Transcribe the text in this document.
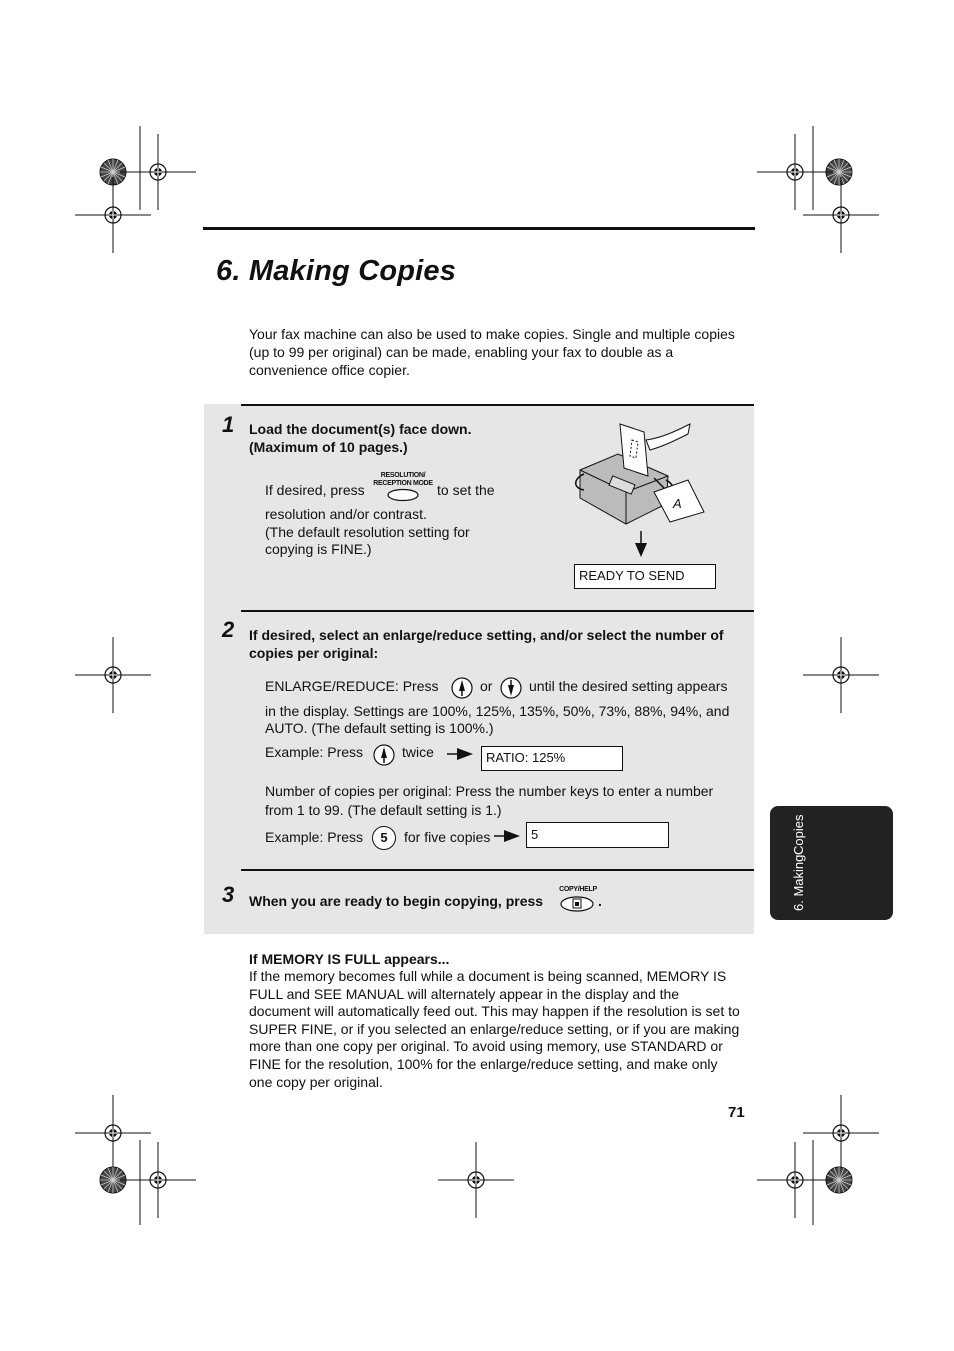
6. Making Copies
Your fax machine can also be used to make copies. Single and multiple copies (up to 99 per original) can be made, enabling your fax to double as a convenience office copier.
1 Load the document(s) face down.
(Maximum of 10 pages.)
If desired, press
RESOLUTION/
RECEPTION MODE to set the
resolution and/or contrast.
(The default resolution setting for
copying is FINE.)
A
READY TO SEND
2 If desired, select an enlarge/reduce setting, and/or select the number of
copies per original:
ENLARGE/REDUCE: Press	or	until the desired setting appears
in the display. Settings are 100%, 125%, 135%, 50%, 73%, 88%, 94%, and
AUTO. (The default setting is 100%.)
Example: Press	twice	RATIO: 125%
Number of copies per original: Press the number keys to enter a number
from 1 to 99. (The default setting is 1.)
Example: Press	5	for five copies	5
3 When you are ready to begin copying, press
COPY/HELP
.
If MEMORY IS FULL appears...
If the memory becomes full while a document is being scanned, MEMORY IS FULL and SEE MANUAL will alternately appear in the display and the document will automatically feed out. This may happen if the resolution is set to SUPER FINE, or if you selected an enlarge/reduce setting, or if you are making more than one copy per original. To avoid using memory, use STANDARD or FINE for the resolution, 100% for the enlarge/reduce setting, and make only one copy per original.
6. Making
Copies
71
